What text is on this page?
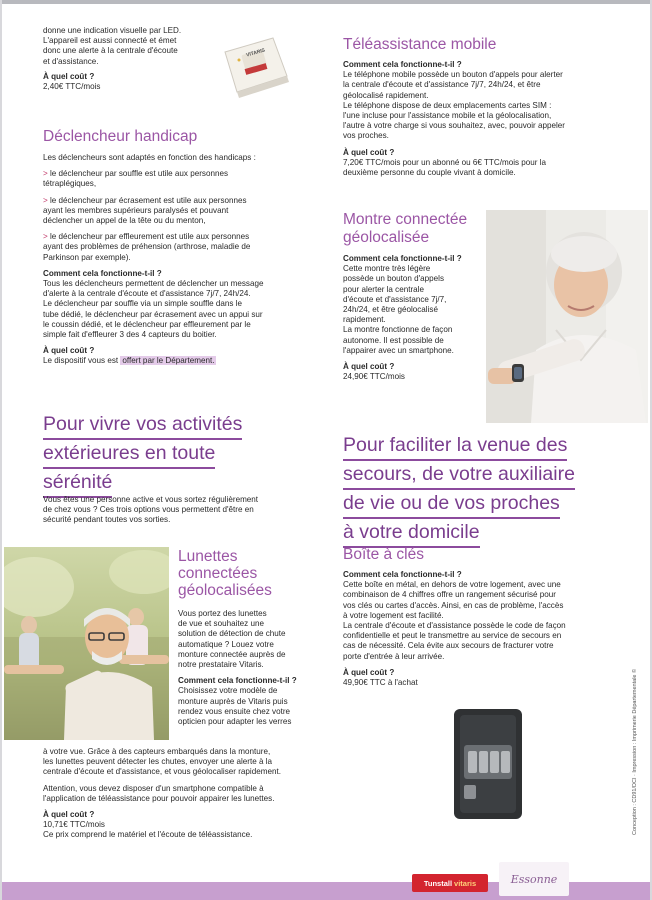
VITARIS

donne une indication visuelle par LED.

L'appareil est aussi connecté et émet

donc une alerte à la centrale d'écoute

et d'assistance.

À quel coût ?

2,40€ TTC/mois

Déclencheur handicap

Les déclencheurs sont adaptés en fonction des handicaps :

> le déclencheur par souffle est utile aux personnes

tétraplégiques,

> le déclencheur par écrasement est utile aux personnes

ayant les membres supérieurs paralysés et pouvant

déclencher un appel de la tête ou du menton,

> le déclencheur par effleurement est utile aux personnes

ayant des problèmes de préhension (arthrose, maladie de

Parkinson par exemple).

Comment cela fonctionne-t-il ?

Tous les déclencheurs permettent de déclencher un message

d'alerte à la centrale d'écoute et d'assistance 7j/7, 24h/24.

Le déclencheur par souffle via un simple souffle dans le

tube dédié, le déclencheur par écrasement avec un appui sur

le coussin dédié, et le déclencheur par effleurement par le

simple fait d'effleurer 3 des 4 capteurs du boitier.

À quel coût ?

Le dispositif vous est offert par le Département.

Pour vivre vos activités
extérieures en toute
sérénité

Vous êtes une personne active et vous sortez régulièrement

de chez vous ? Ces trois options vous permettent d'être en

sécurité pendant toutes vos sorties.

Lunettes
connectées
géolocalisées

Vous portez des lunettes

de vue et souhaitez une

solution de détection de chute

automatique ? Louez votre

monture connectée auprès de

notre prestataire Vitaris.

Comment cela fonctionne-t-il ?

Choisissez votre modèle de

monture auprès de Vitaris puis

rendez vous ensuite chez votre

opticien pour adapter les verres

à votre vue. Grâce à des capteurs embarqués dans la monture,

les lunettes peuvent détecter les chutes, envoyer une alerte à la

centrale d'écoute et d'assistance, et vous géolocaliser rapidement.

Attention, vous devez disposer d'un smartphone compatible à

l'application de téléassistance pour pouvoir appairer les lunettes.

À quel coût ?

10,71€ TTC/mois

Ce prix comprend le matériel et l'écoute de téléassistance.

Téléassistance mobile

Comment cela fonctionne-t-il ?

Le téléphone mobile possède un bouton d'appels pour alerter

la centrale d'écoute et d'assistance 7j/7, 24h/24, et être

géolocalisé rapidement.

Le téléphone dispose de deux emplacements cartes SIM :

l'une incluse pour l'assistance mobile et la géolocalisation,

l'autre à votre charge si vous souhaitez, avec, pouvoir appeler

vos proches.

À quel coût ?

7,20€ TTC/mois pour un abonné ou 6€ TTC/mois pour la

deuxième personne du couple vivant à domicile.

Montre connectée
géolocalisée

Comment cela fonctionne-t-il ?

Cette montre très légère

possède un bouton d'appels

pour alerter la centrale

d'écoute et d'assistance 7j/7,

24h/24, et être géolocalisé

rapidement.

La montre fonctionne de façon

autonome. Il est possible de

l'appairer avec un smartphone.

À quel coût ?

24,90€ TTC/mois

Pour faciliter la venue des
secours, de votre auxiliaire
de vie ou de vos proches
à votre domicile
Boîte à clés

Comment cela fonctionne-t-il ?

Cette boîte en métal, en dehors de votre logement, avec une

combinaison de 4 chiffres offre un rangement sécurisé pour

vos clés ou cartes d'accès. Ainsi, en cas de problème, l'accès

à votre logement est facilité.

La centrale d'écoute et d'assistance possède le code de façon

confidentielle et peut le transmettre au service de secours en

cas de nécessité. Cela évite aux secours de fracturer votre

porte d'entrée à leur arrivée.

À quel coût ?

49,90€ TTC à l'achat	Conception : CD91/DCI · Impression : Imprimerie Départementale ©
Tunstall vitaris	Essonne
